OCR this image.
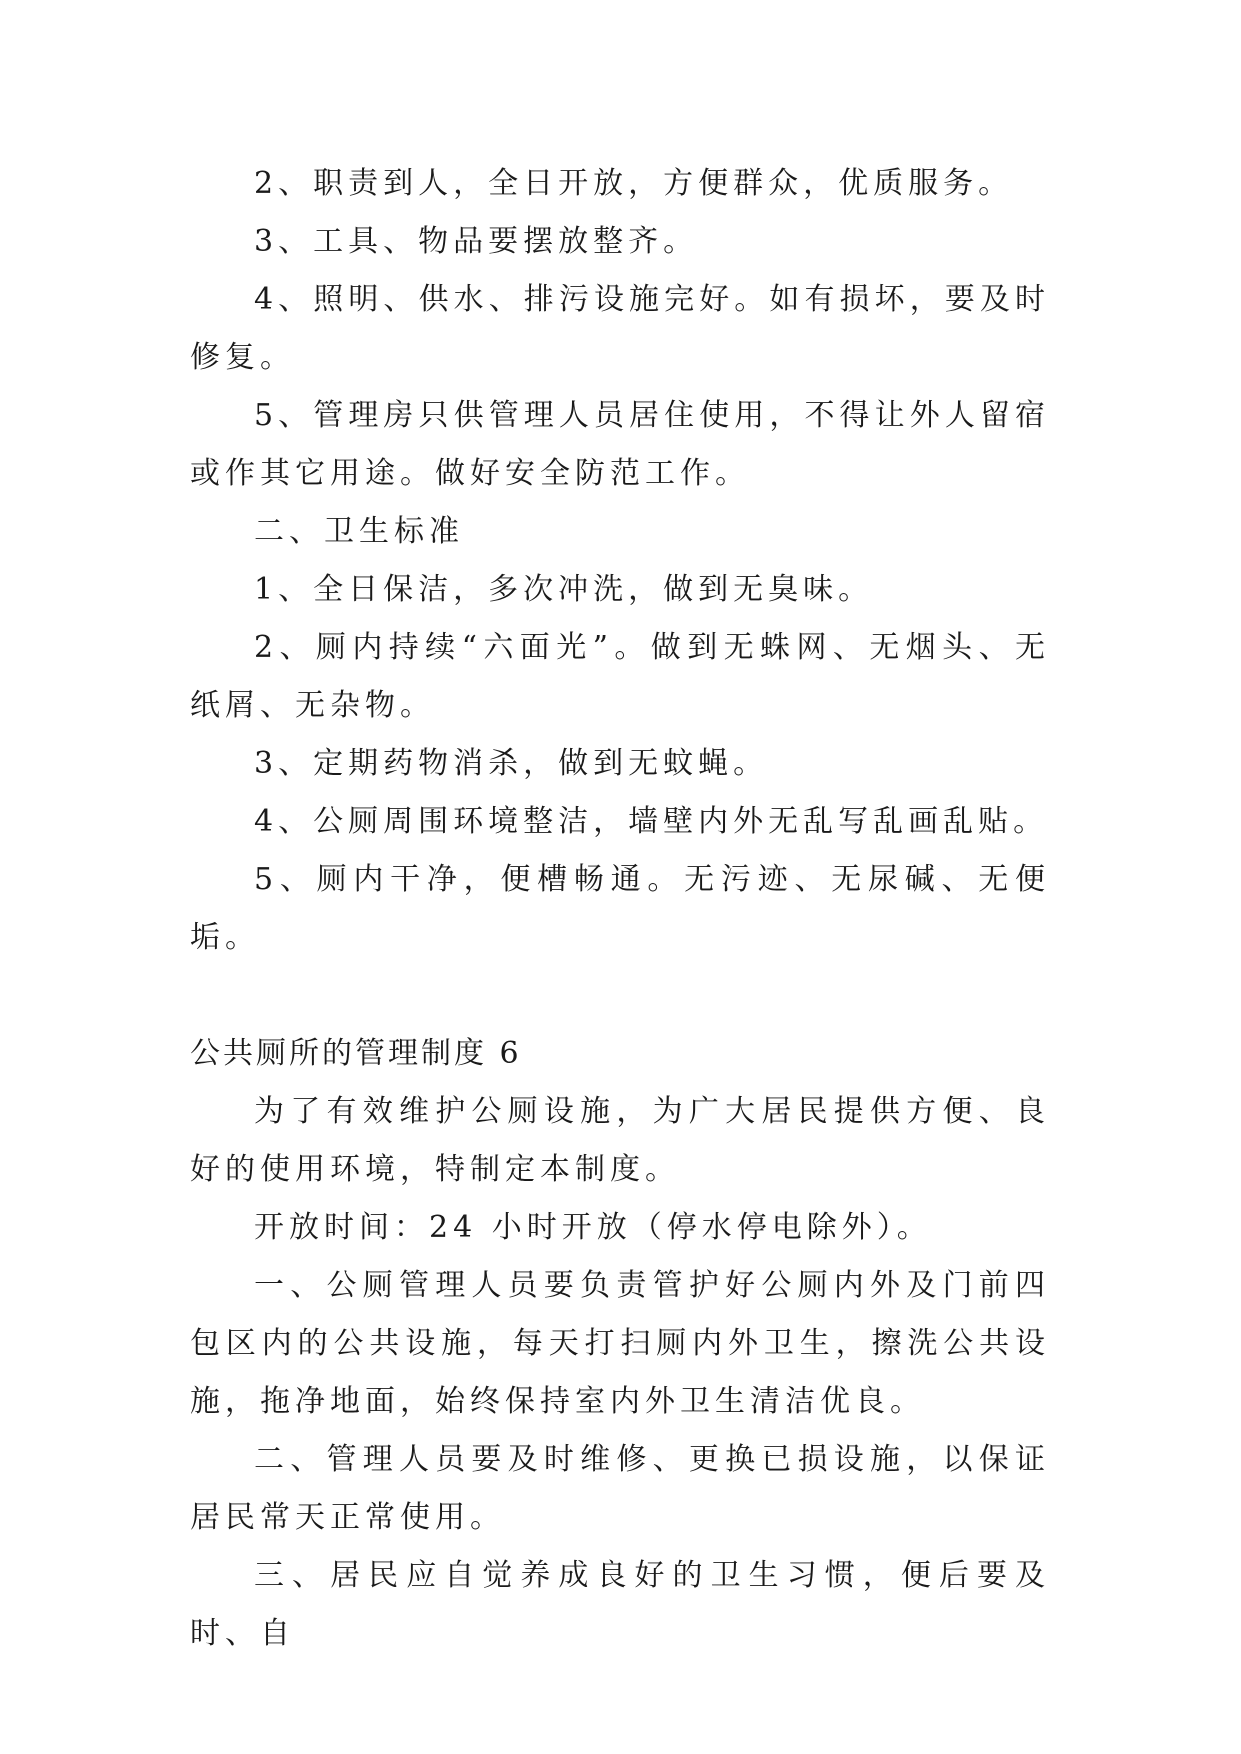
2、职责到人，全日开放，方便群众，优质服务。

3、工具、物品要摆放整齐。

4、照明、供水、排污设施完好。如有损坏，要及时修复。

5、管理房只供管理人员居住使用，不得让外人留宿或作其它用途。做好安全防范工作。

二、卫生标准

1、全日保洁，多次冲洗，做到无臭味。

2、厕内持续“六面光”。做到无蛛网、无烟头、无纸屑、无杂物。

3、定期药物消杀，做到无蚊蝇。

4、公厕周围环境整洁，墙壁内外无乱写乱画乱贴。

5、厕内干净，便槽畅通。无污迹、无尿碱、无便垢。

公共厕所的管理制度 6

为了有效维护公厕设施，为广大居民提供方便、良好的使用环境，特制定本制度。

开放时间：24 小时开放（停水停电除外）。

一、公厕管理人员要负责管护好公厕内外及门前四包区内的公共设施，每天打扫厕内外卫生，擦洗公共设施，拖净地面，始终保持室内外卫生清洁优良。

二、管理人员要及时维修、更换已损设施，以保证居民常天正常使用。

三、居民应自觉养成良好的卫生习惯，便后要及时、自
